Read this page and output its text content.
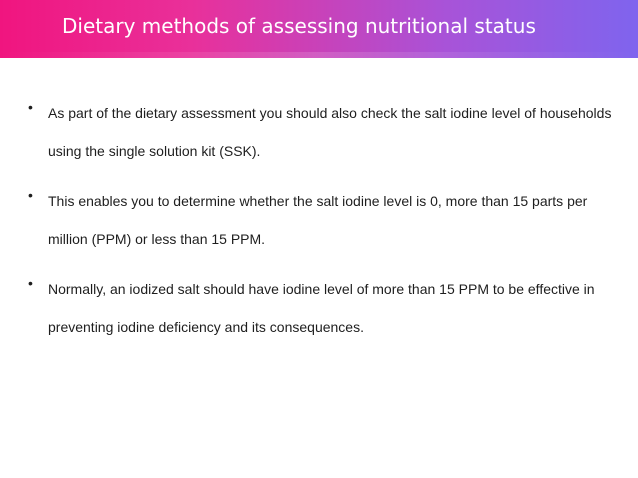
Dietary methods of assessing nutritional status
•	As part of the dietary assessment you should also check the salt iodine level of households using the single solution kit (SSK).
•	This enables you to determine whether the salt iodine level is 0, more than 15 parts per million (PPM) or less than 15 PPM.
•	Normally, an iodized salt should have iodine level of more than 15 PPM to be effective in preventing iodine deficiency and its consequences.
